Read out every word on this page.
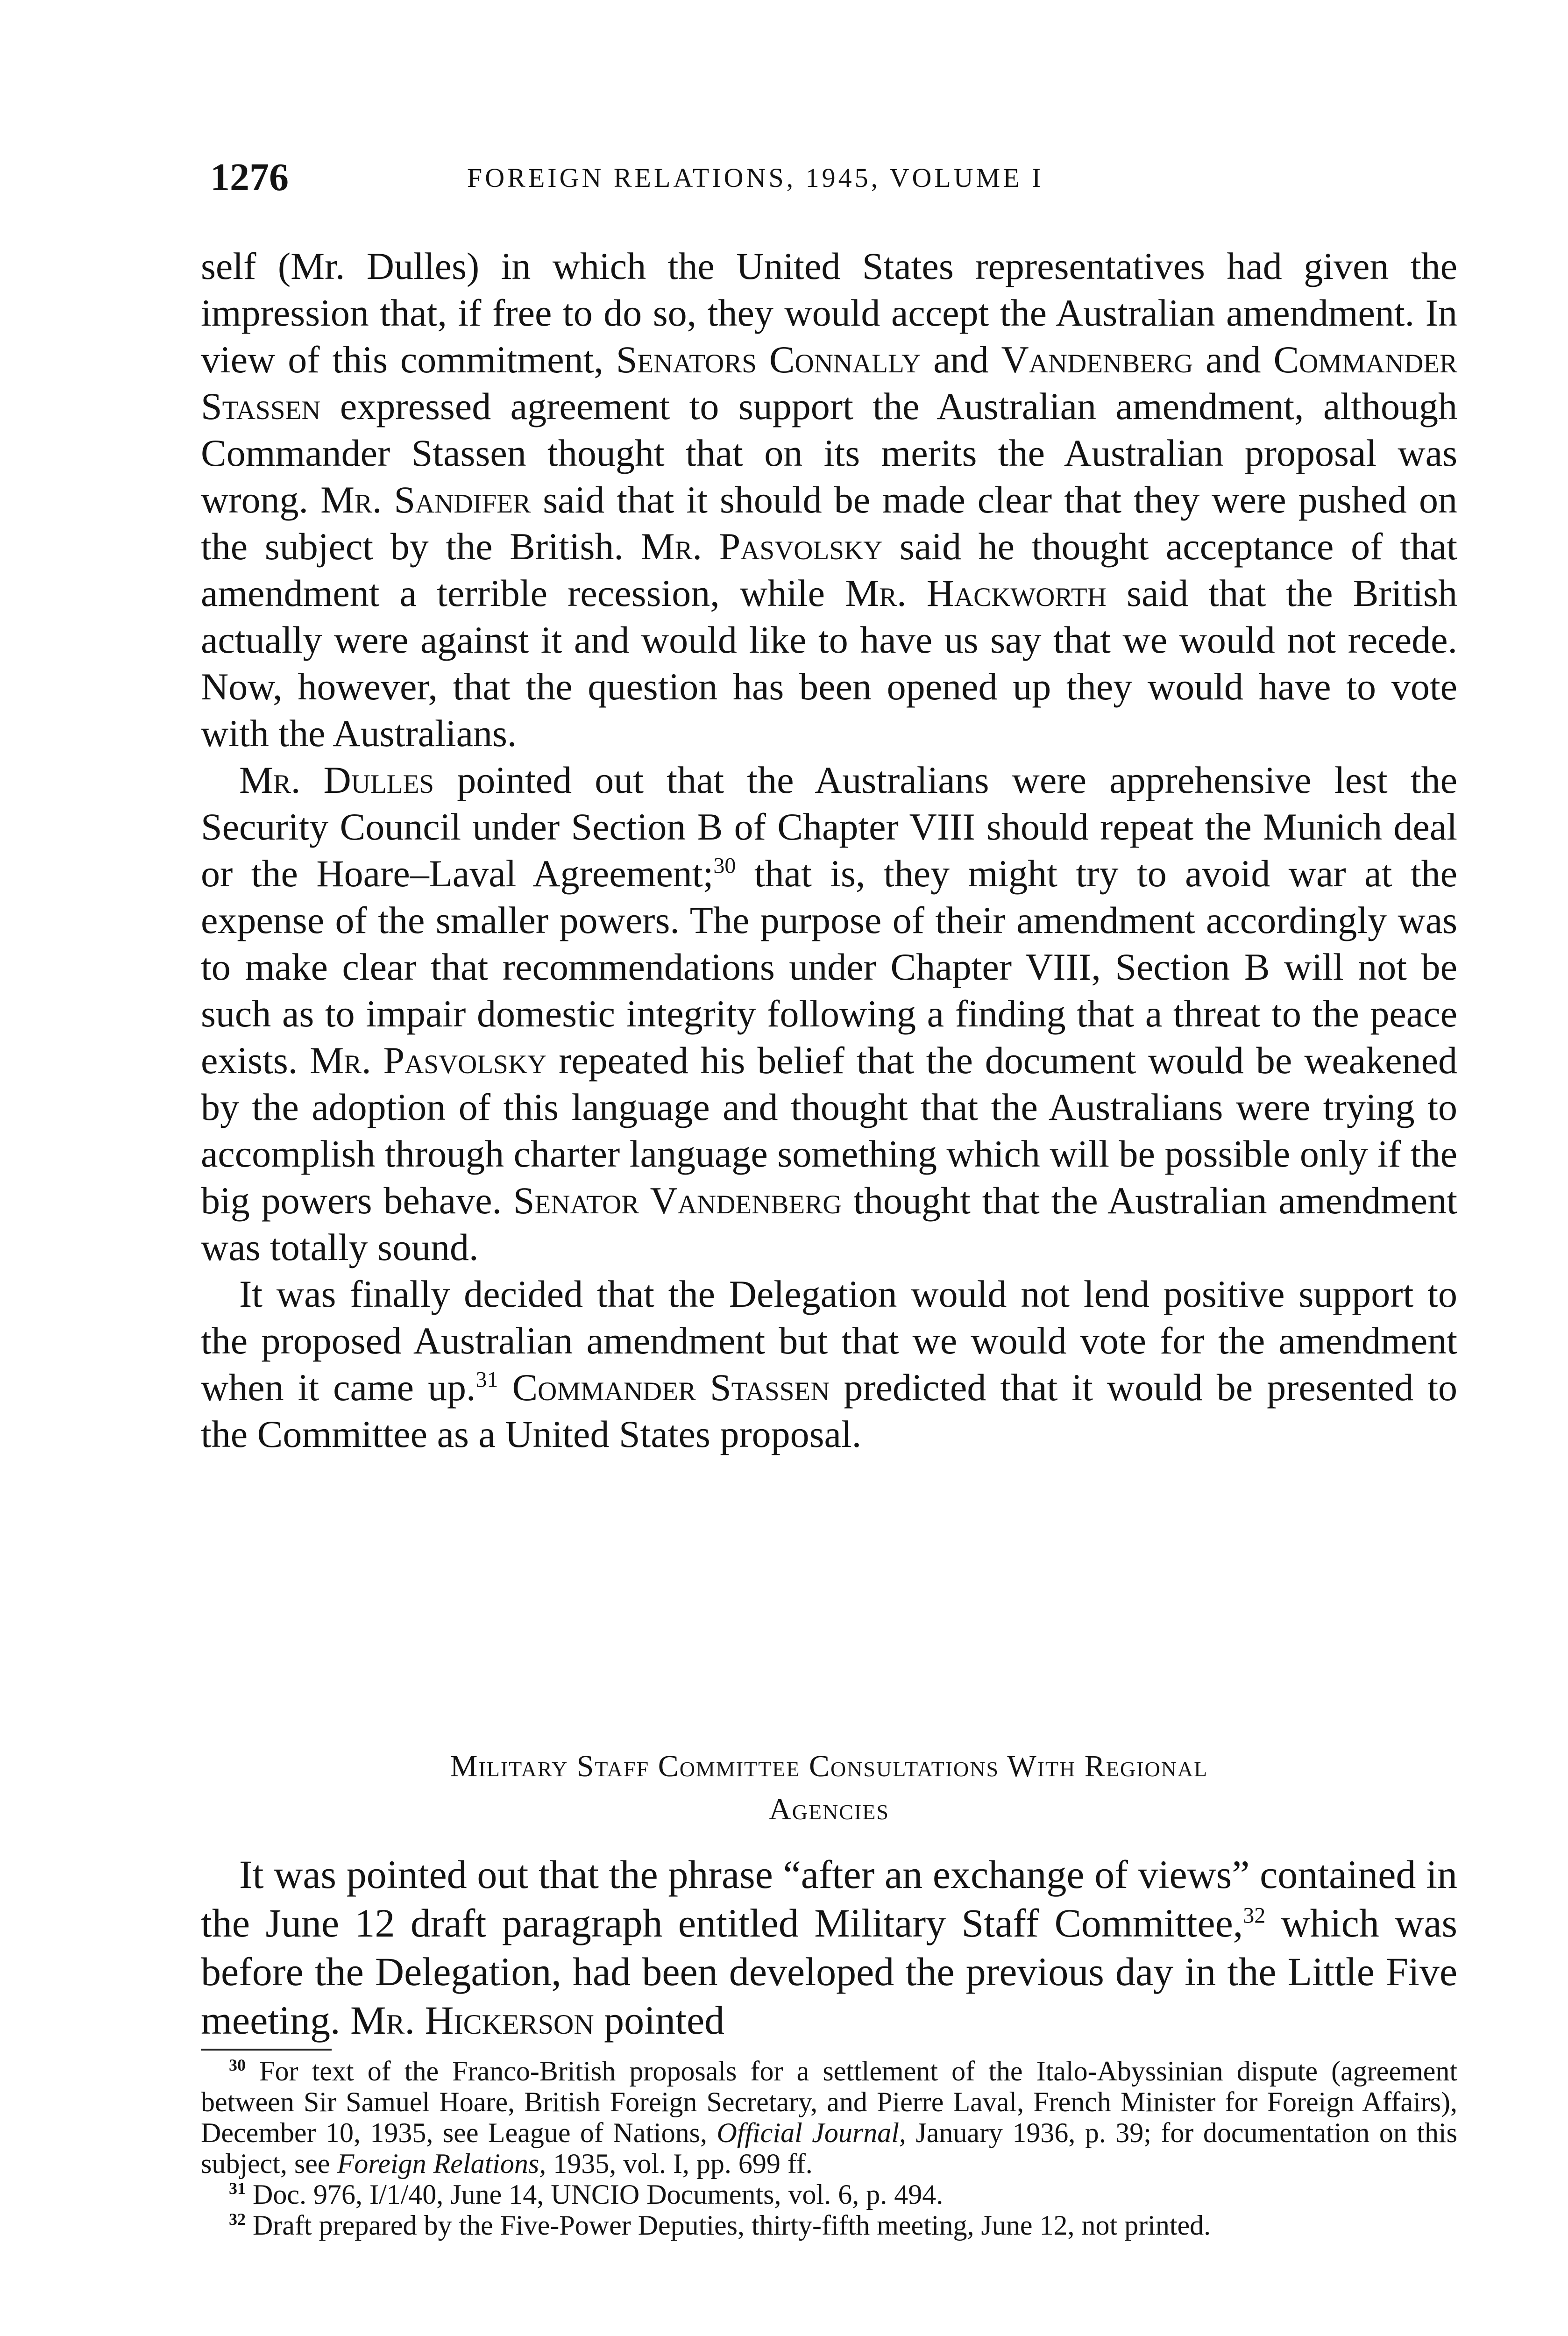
1276	FOREIGN RELATIONS, 1945, VOLUME I

self (Mr. Dulles) in which the United States representatives had given the impression that, if free to do so, they would accept the Australian amendment. In view of this commitment, Senators Connally and Vandenberg and Commander Stassen expressed agreement to support the Australian amendment, although Commander Stassen thought that on its merits the Australian proposal was wrong. Mr. Sandifer said that it should be made clear that they were pushed on the subject by the British. Mr. Pasvolsky said he thought acceptance of that amendment a terrible recession, while Mr. Hackworth said that the British actually were against it and would like to have us say that we would not recede. Now, however, that the question has been opened up they would have to vote with the Australians.

Mr. Dulles pointed out that the Australians were apprehensive lest the Security Council under Section B of Chapter VIII should repeat the Munich deal or the Hoare–Laval Agreement;$^{30}$ that is, they might try to avoid war at the expense of the smaller powers. The purpose of their amendment accordingly was to make clear that recommendations under Chapter VIII, Section B will not be such as to impair domestic integrity following a finding that a threat to the peace exists. Mr. Pasvolsky repeated his belief that the document would be weakened by the adoption of this language and thought that the Australians were trying to accomplish through charter language something which will be possible only if the big powers behave. Senator Vandenberg thought that the Australian amendment was totally sound.

It was finally decided that the Delegation would not lend positive support to the proposed Australian amendment but that we would vote for the amendment when it came up.$^{31}$ Commander Stassen predicted that it would be presented to the Committee as a United States proposal.

Military Staff Committee Consultations With Regional
Agencies

It was pointed out that the phrase “after an exchange of views” contained in the June 12 draft paragraph entitled Military Staff Committee,$^{32}$ which was before the Delegation, had been developed the previous day in the Little Five meeting. Mr. Hickerson pointed

$^{30}$ For text of the Franco-British proposals for a settlement of the Italo-Abyssinian dispute (agreement between Sir Samuel Hoare, British Foreign Secretary, and Pierre Laval, French Minister for Foreign Affairs), December 10, 1935, see League of Nations, Official Journal, January 1936, p. 39; for documentation on this subject, see Foreign Relations, 1935, vol. I, pp. 699 ff.

$^{31}$ Doc. 976, I/1/40, June 14, UNCIO Documents, vol. 6, p. 494.

$^{32}$ Draft prepared by the Five-Power Deputies, thirty-fifth meeting, June 12, not printed.
